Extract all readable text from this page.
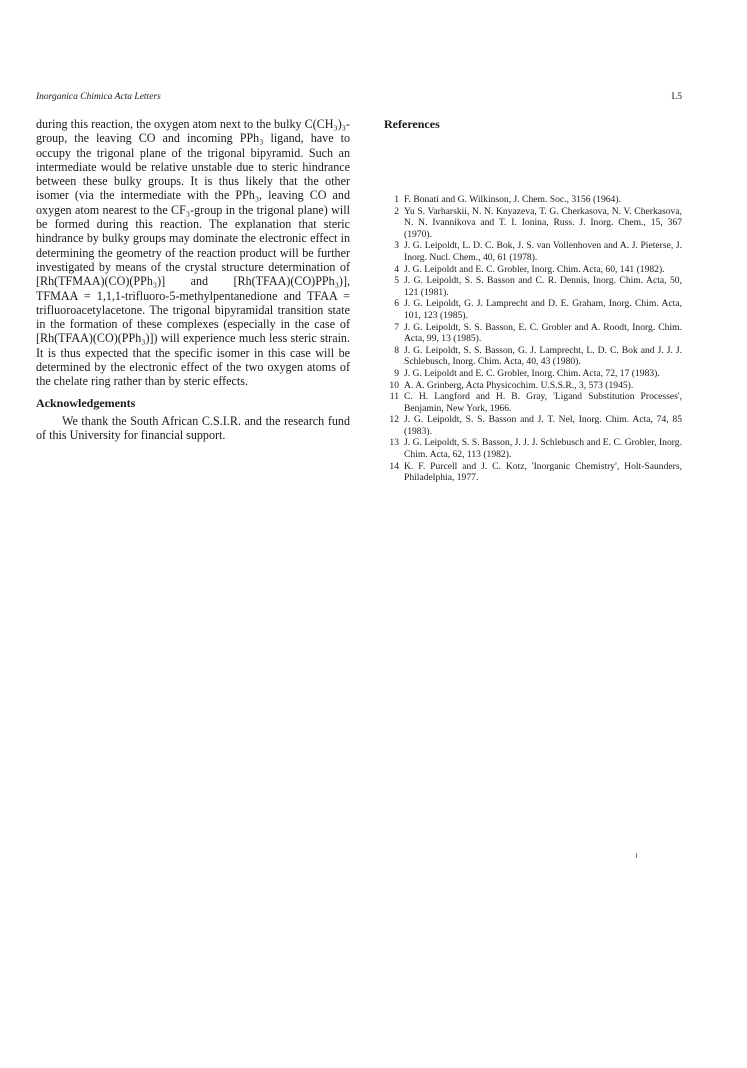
Inorganica Chimica Acta Letters	L5

during this reaction, the oxygen atom next to the bulky C(CH₃)₃-group, the leaving CO and incoming PPh₃ ligand, have to occupy the trigonal plane of the trigonal bipyramid. Such an intermediate would be relative unstable due to steric hindrance between these bulky groups. It is thus likely that the other isomer (via the intermediate with the PPh₃, leaving CO and oxygen atom nearest to the CF₃-group in the trigonal plane) will be formed during this reaction. The explanation that steric hindrance by bulky groups may dominate the electronic effect in determining the geometry of the reaction product will be further investigated by means of the crystal structure determination of [Rh(TFMAA)(CO)(PPh₃)] and [Rh(TFAA)(CO)PPh₃)], TFMAA = 1,1,1-trifluoro-5-methylpentanedione and TFAA = trifluoroacetylacetone. The trigonal bipyramidal transition state in the formation of these complexes (especially in the case of [Rh(TFAA)(CO)(PPh₃)]) will experience much less steric strain. It is thus expected that the specific isomer in this case will be determined by the electronic effect of the two oxygen atoms of the chelate ring rather than by steric effects.

Acknowledgements

We thank the South African C.S.I.R. and the research fund of this University for financial support.

References
1 F. Bonati and G. Wilkinson, J. Chem. Soc., 3156 (1964).
2 Yu S. Varharskii, N. N. Knyazeva, T. G. Cherkasova, N. V. Cherkasova, N. N. Ivannikova and T. I. Ionina, Russ. J. Inorg. Chem., 15, 367 (1970).
3 J. G. Leipoldt, L. D. C. Bok, J. S. van Vollenhoven and A. J. Pieterse, J. Inorg. Nucl. Chem., 40, 61 (1978).
4 J. G. Leipoldt and E. C. Grobler, Inorg. Chim. Acta, 60, 141 (1982).
5 J. G. Leipoldt, S. S. Basson and C. R. Dennis, Inorg. Chim. Acta, 50, 121 (1981).
6 J. G. Leipoldt, G. J. Lamprecht and D. E. Graham, Inorg. Chim. Acta, 101, 123 (1985).
7 J. G. Leipoldt, S. S. Basson, E. C. Grobler and A. Roodt, Inorg. Chim. Acta, 99, 13 (1985).
8 J. G. Leipoldt, S. S. Basson, G. J. Lamprecht, L. D. C. Bok and J. J. J. Schlebusch, Inorg. Chim. Acta, 40, 43 (1980).
9 J. G. Leipoldt and E. C. Grobler, Inorg. Chim. Acta, 72, 17 (1983).
10 A. A. Grinberg, Acta Physicochim. U.S.S.R., 3, 573 (1945).
11 C. H. Langford and H. B. Gray, 'Ligand Substitution Processes', Benjamin, New York, 1966.
12 J. G. Leipoldt, S. S. Basson and J. T. Nel, Inorg. Chim. Acta, 74, 85 (1983).
13 J. G. Leipoldt, S. S. Basson, J. J. J. Schlebusch and E. C. Grobler, Inorg. Chim. Acta, 62, 113 (1982).
14 K. F. Purcell and J. C. Kotz, 'Inorganic Chemistry', Holt-Saunders, Philadelphia, 1977.
